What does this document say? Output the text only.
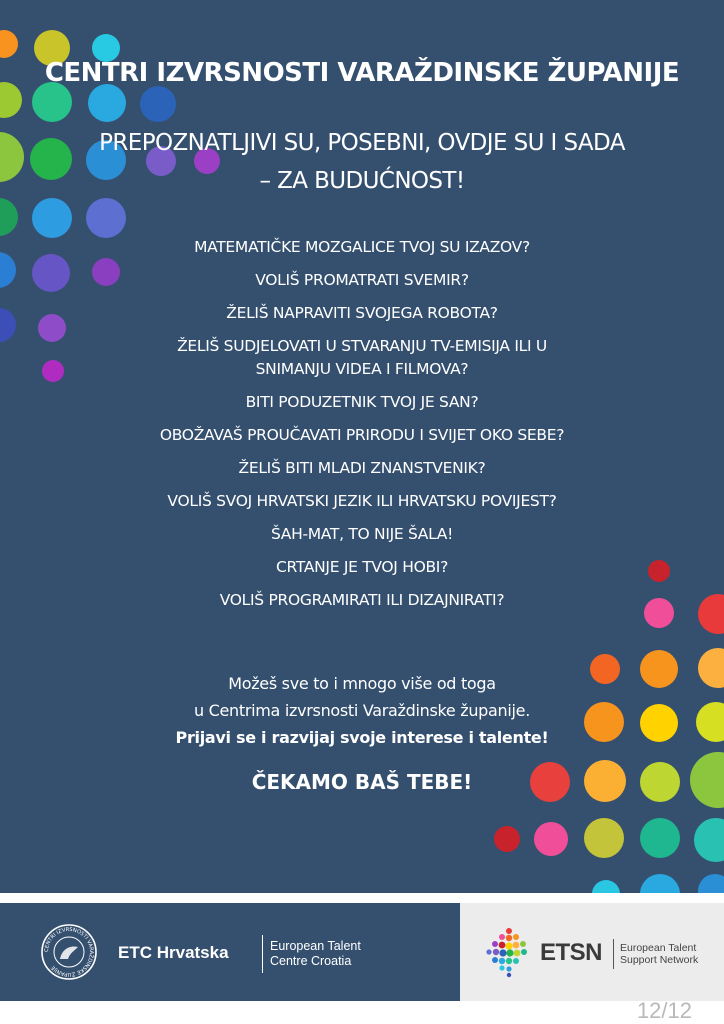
CENTRI IZVRSNOSTI VARAŽDINSKE ŽUPANIJE
PREPOZNATLJIVI SU, POSEBNI, OVDJE SU I SADA
– ZA BUDUĆNOST!
MATEMATIČKE MOZGALICE TVOJ SU IZAZOV?
VOLIŠ PROMATRATI SVEMIR?
ŽELIŠ NAPRAVITI SVOJEGA ROBOTA?
ŽELIŠ SUDJELOVATI U STVARANJU TV-EMISIJA ILI U
SNIMANJU VIDEA I FILMOVA?
BITI PODUZETNIK TVOJ JE SAN?
OBOŽAVAŠ PROUČAVATI PRIRODU I SVIJET OKO SEBE?
ŽELIŠ BITI MLADI ZNANSTVENIK?
VOLIŠ SVOJ HRVATSKI JEZIK ILI HRVATSKU POVIJEST?
ŠAH-MAT, TO NIJE ŠALA!
CRTANJE JE TVOJ HOBI?
VOLIŠ PROGRAMIRATI ILI DIZAJNIRATI?
Možeš sve to i mnogo više od toga
u Centrima izvrsnosti Varaždinske županije.
Prijavi se i razvijaj svoje interese i talente!
ČEKAMO BAŠ TEBE!
CENTRI IZVRSNOSTI VARAŽDINSKE ŽUPANIJE
ETC Hrvatska	European Talent
Centre Croatia	ETSN European Talent
Support Network
12/12
